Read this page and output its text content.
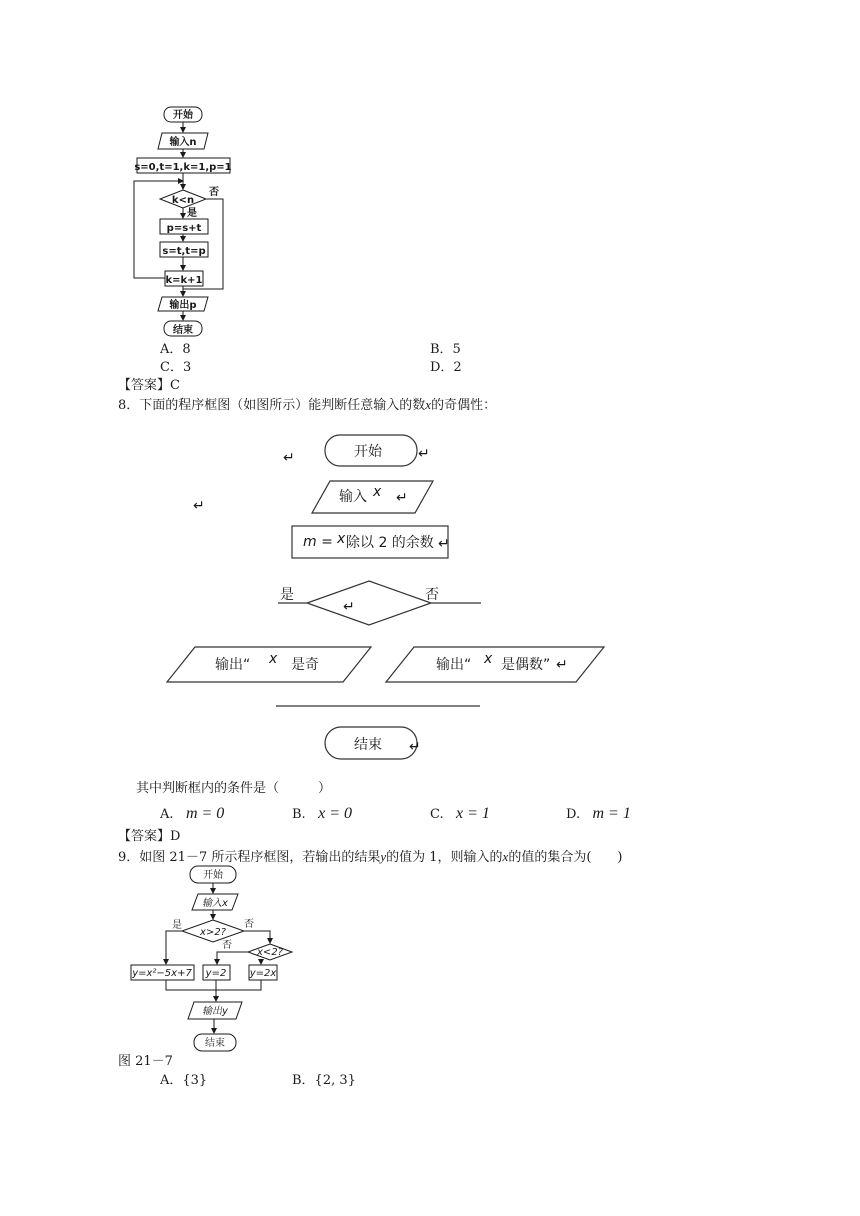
开始
输入n
s=0,t=1,k=1,p=1
k<n
否
是
p=s+t
s=t,t=p
k=k+1
输出p
结束
A．8	B．5
C．3	D．2
【答案】C
8．下面的程序框图（如图所示）能判断任意输入的数x的奇偶性：
开始	↵
↵
↵
输入 x ↵
m = x 除以 2 的余数 ↵
是	否
↵
输出“ x 是奇	输出“ x 是偶数” ↵
结束 ↵
其中判断框内的条件是（　　　）
A. m = 0	B. x = 0	C. x = 1	D. m = 1
【答案】D
9．如图 21－7 所示程序框图，若输出的结果y的值为 1，则输入的x的值的集合为(　　)
开始
输入x
x>2?
是	否
x<2?
否
y=x²−5x+7 y=2 y=2x
输出y
结束
图 21－7
A．{3}	B．{2, 3}
